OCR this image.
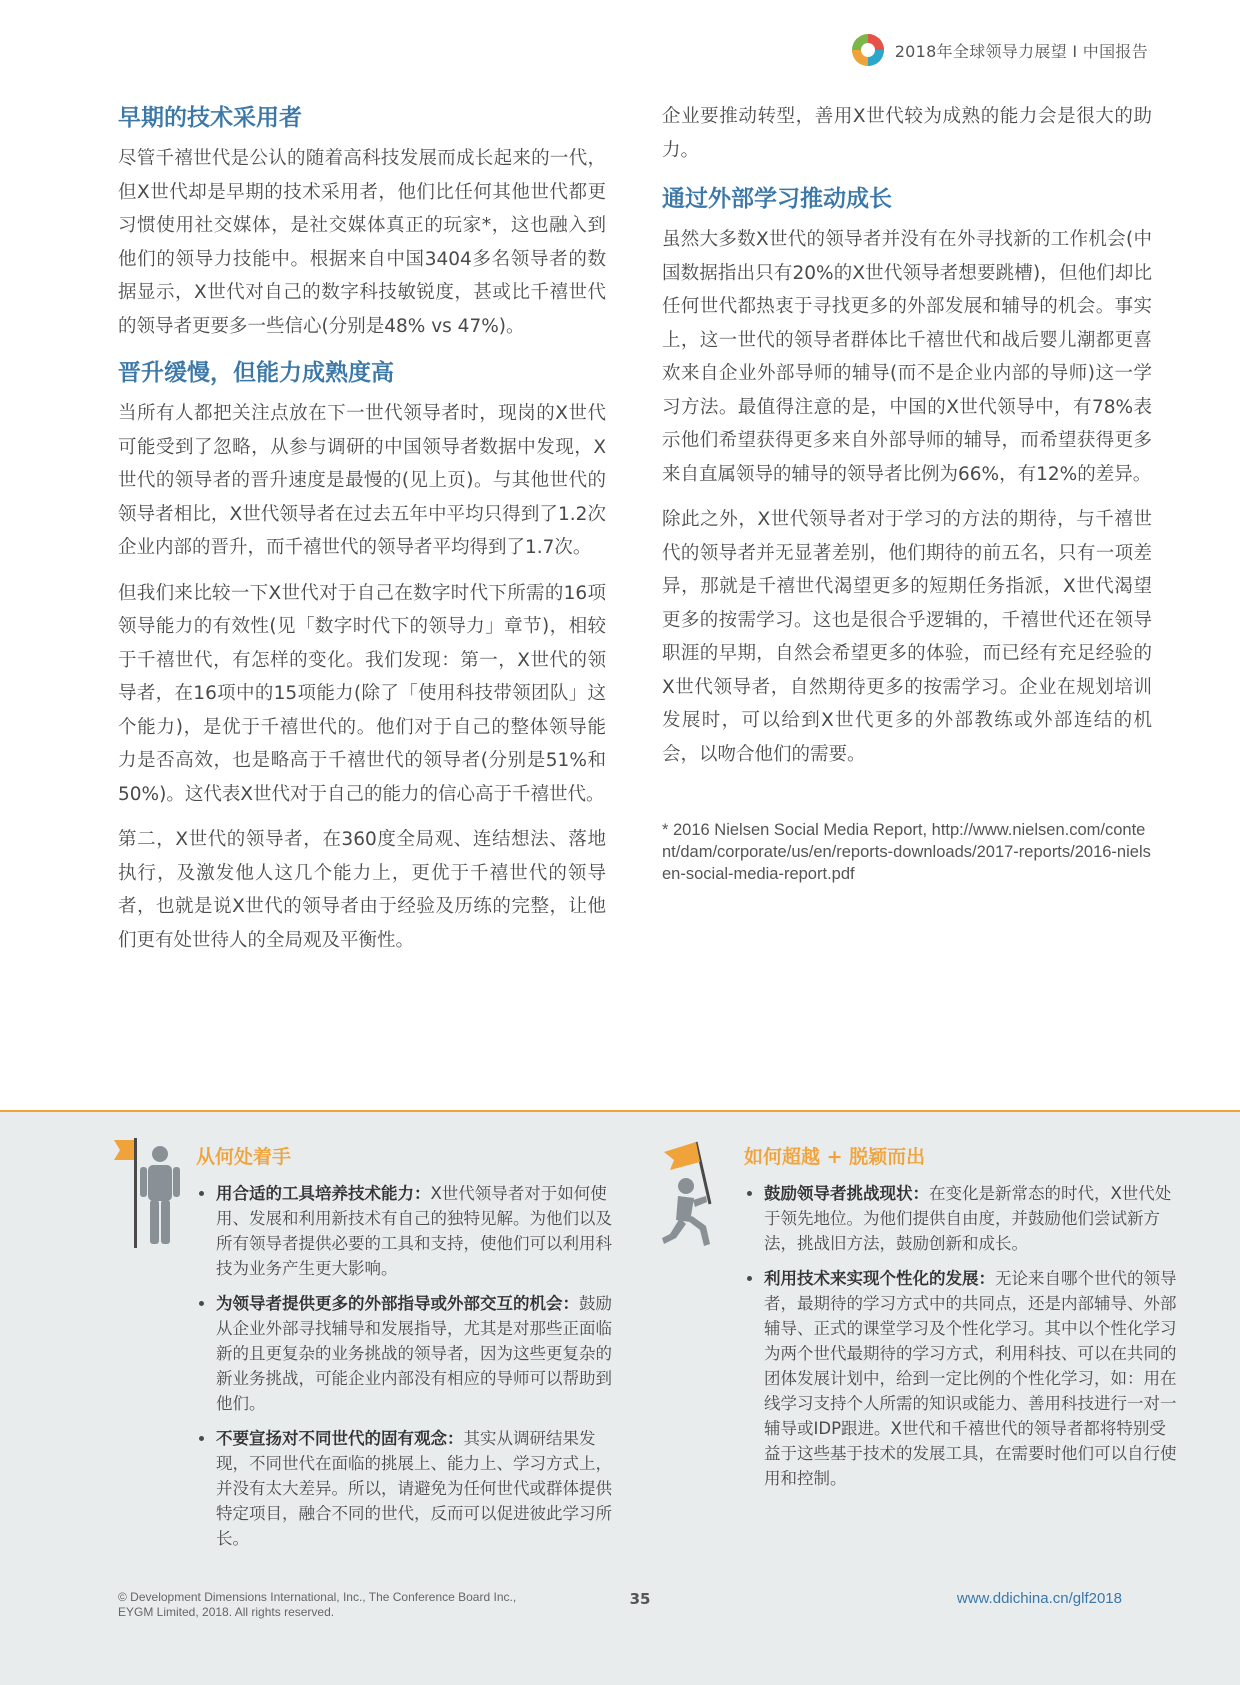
2018年全球领导力展望 I 中国报告
早期的技术采用者

尽管千禧世代是公认的随着高科技发展而成长起来的一代，但X世代却是早期的技术采用者，他们比任何其他世代都更习惯使用社交媒体，是社交媒体真正的玩家*，这也融入到他们的领导力技能中。根据来自中国3404多名领导者的数据显示，X世代对自己的数字科技敏锐度，甚或比千禧世代的领导者更要多一些信心(分别是48% vs 47%)。

晋升缓慢，但能力成熟度高

当所有人都把关注点放在下一世代领导者时，现岗的X世代可能受到了忽略，从参与调研的中国领导者数据中发现，X世代的领导者的晋升速度是最慢的(见上页)。与其他世代的领导者相比，X世代领导者在过去五年中平均只得到了1.2次企业内部的晋升，而千禧世代的领导者平均得到了1.7次。

但我们来比较一下X世代对于自己在数字时代下所需的16项领导能力的有效性(见「数字时代下的领导力」章节)，相较于千禧世代，有怎样的变化。我们发现：第一，X世代的领导者，在16项中的15项能力(除了「使用科技带领团队」这个能力)，是优于千禧世代的。他们对于自己的整体领导能力是否高效，也是略高于千禧世代的领导者(分别是51%和50%)。这代表X世代对于自己的能力的信心高于千禧世代。

第二，X世代的领导者，在360度全局观、连结想法、落地执行，及激发他人这几个能力上，更优于千禧世代的领导者，也就是说X世代的领导者由于经验及历练的完整，让他们更有处世待人的全局观及平衡性。

企业要推动转型，善用X世代较为成熟的能力会是很大的助力。

通过外部学习推动成长

虽然大多数X世代的领导者并没有在外寻找新的工作机会(中国数据指出只有20%的X世代领导者想要跳槽)，但他们却比任何世代都热衷于寻找更多的外部发展和辅导的机会。事实上，这一世代的领导者群体比千禧世代和战后婴儿潮都更喜欢来自企业外部导师的辅导(而不是企业内部的导师)这一学习方法。最值得注意的是，中国的X世代领导中，有78%表示他们希望获得更多来自外部导师的辅导，而希望获得更多来自直属领导的辅导的领导者比例为66%，有12%的差异。

除此之外，X世代领导者对于学习的方法的期待，与千禧世代的领导者并无显著差别，他们期待的前五名，只有一项差异，那就是千禧世代渴望更多的短期任务指派，X世代渴望更多的按需学习。这也是很合乎逻辑的，千禧世代还在领导职涯的早期，自然会希望更多的体验，而已经有充足经验的X世代领导者，自然期待更多的按需学习。企业在规划培训发展时，可以给到X世代更多的外部教练或外部连结的机会，以吻合他们的需要。

* 2016 Nielsen Social Media Report, http://www.nielsen.com/content/dam/corporate/us/en/reports-downloads/2017-reports/2016-nielsen-social-media-report.pdf

从何处着手
• 用合适的工具培养技术能力：X世代领导者对于如何使用、发展和利用新技术有自己的独特见解。为他们以及所有领导者提供必要的工具和支持，使他们可以利用科技为业务产生更大影响。
• 为领导者提供更多的外部指导或外部交互的机会：鼓励从企业外部寻找辅导和发展指导，尤其是对那些正面临新的且更复杂的业务挑战的领导者，因为这些更复杂的新业务挑战，可能企业内部没有相应的导师可以帮助到他们。
• 不要宣扬对不同世代的固有观念：其实从调研结果发现，不同世代在面临的挑展上、能力上、学习方式上，并没有太大差异。所以，请避免为任何世代或群体提供特定项目，融合不同的世代，反而可以促进彼此学习所长。
如何超越 + 脱颖而出
• 鼓励领导者挑战现状：在变化是新常态的时代，X世代处于领先地位。为他们提供自由度，并鼓励他们尝试新方法，挑战旧方法，鼓励创新和成长。
• 利用技术来实现个性化的发展：无论来自哪个世代的领导者，最期待的学习方式中的共同点，还是内部辅导、外部辅导、正式的课堂学习及个性化学习。其中以个性化学习为两个世代最期待的学习方式，利用科技、可以在共同的团体发展计划中，给到一定比例的个性化学习，如：用在线学习支持个人所需的知识或能力、善用科技进行一对一辅导或IDP跟进。X世代和千禧世代的领导者都将特别受益于这些基于技术的发展工具，在需要时他们可以自行使用和控制。
© Development Dimensions International, Inc., The Conference Board Inc., EYGM Limited, 2018. All rights reserved.
35	www.ddichina.cn/glf2018
